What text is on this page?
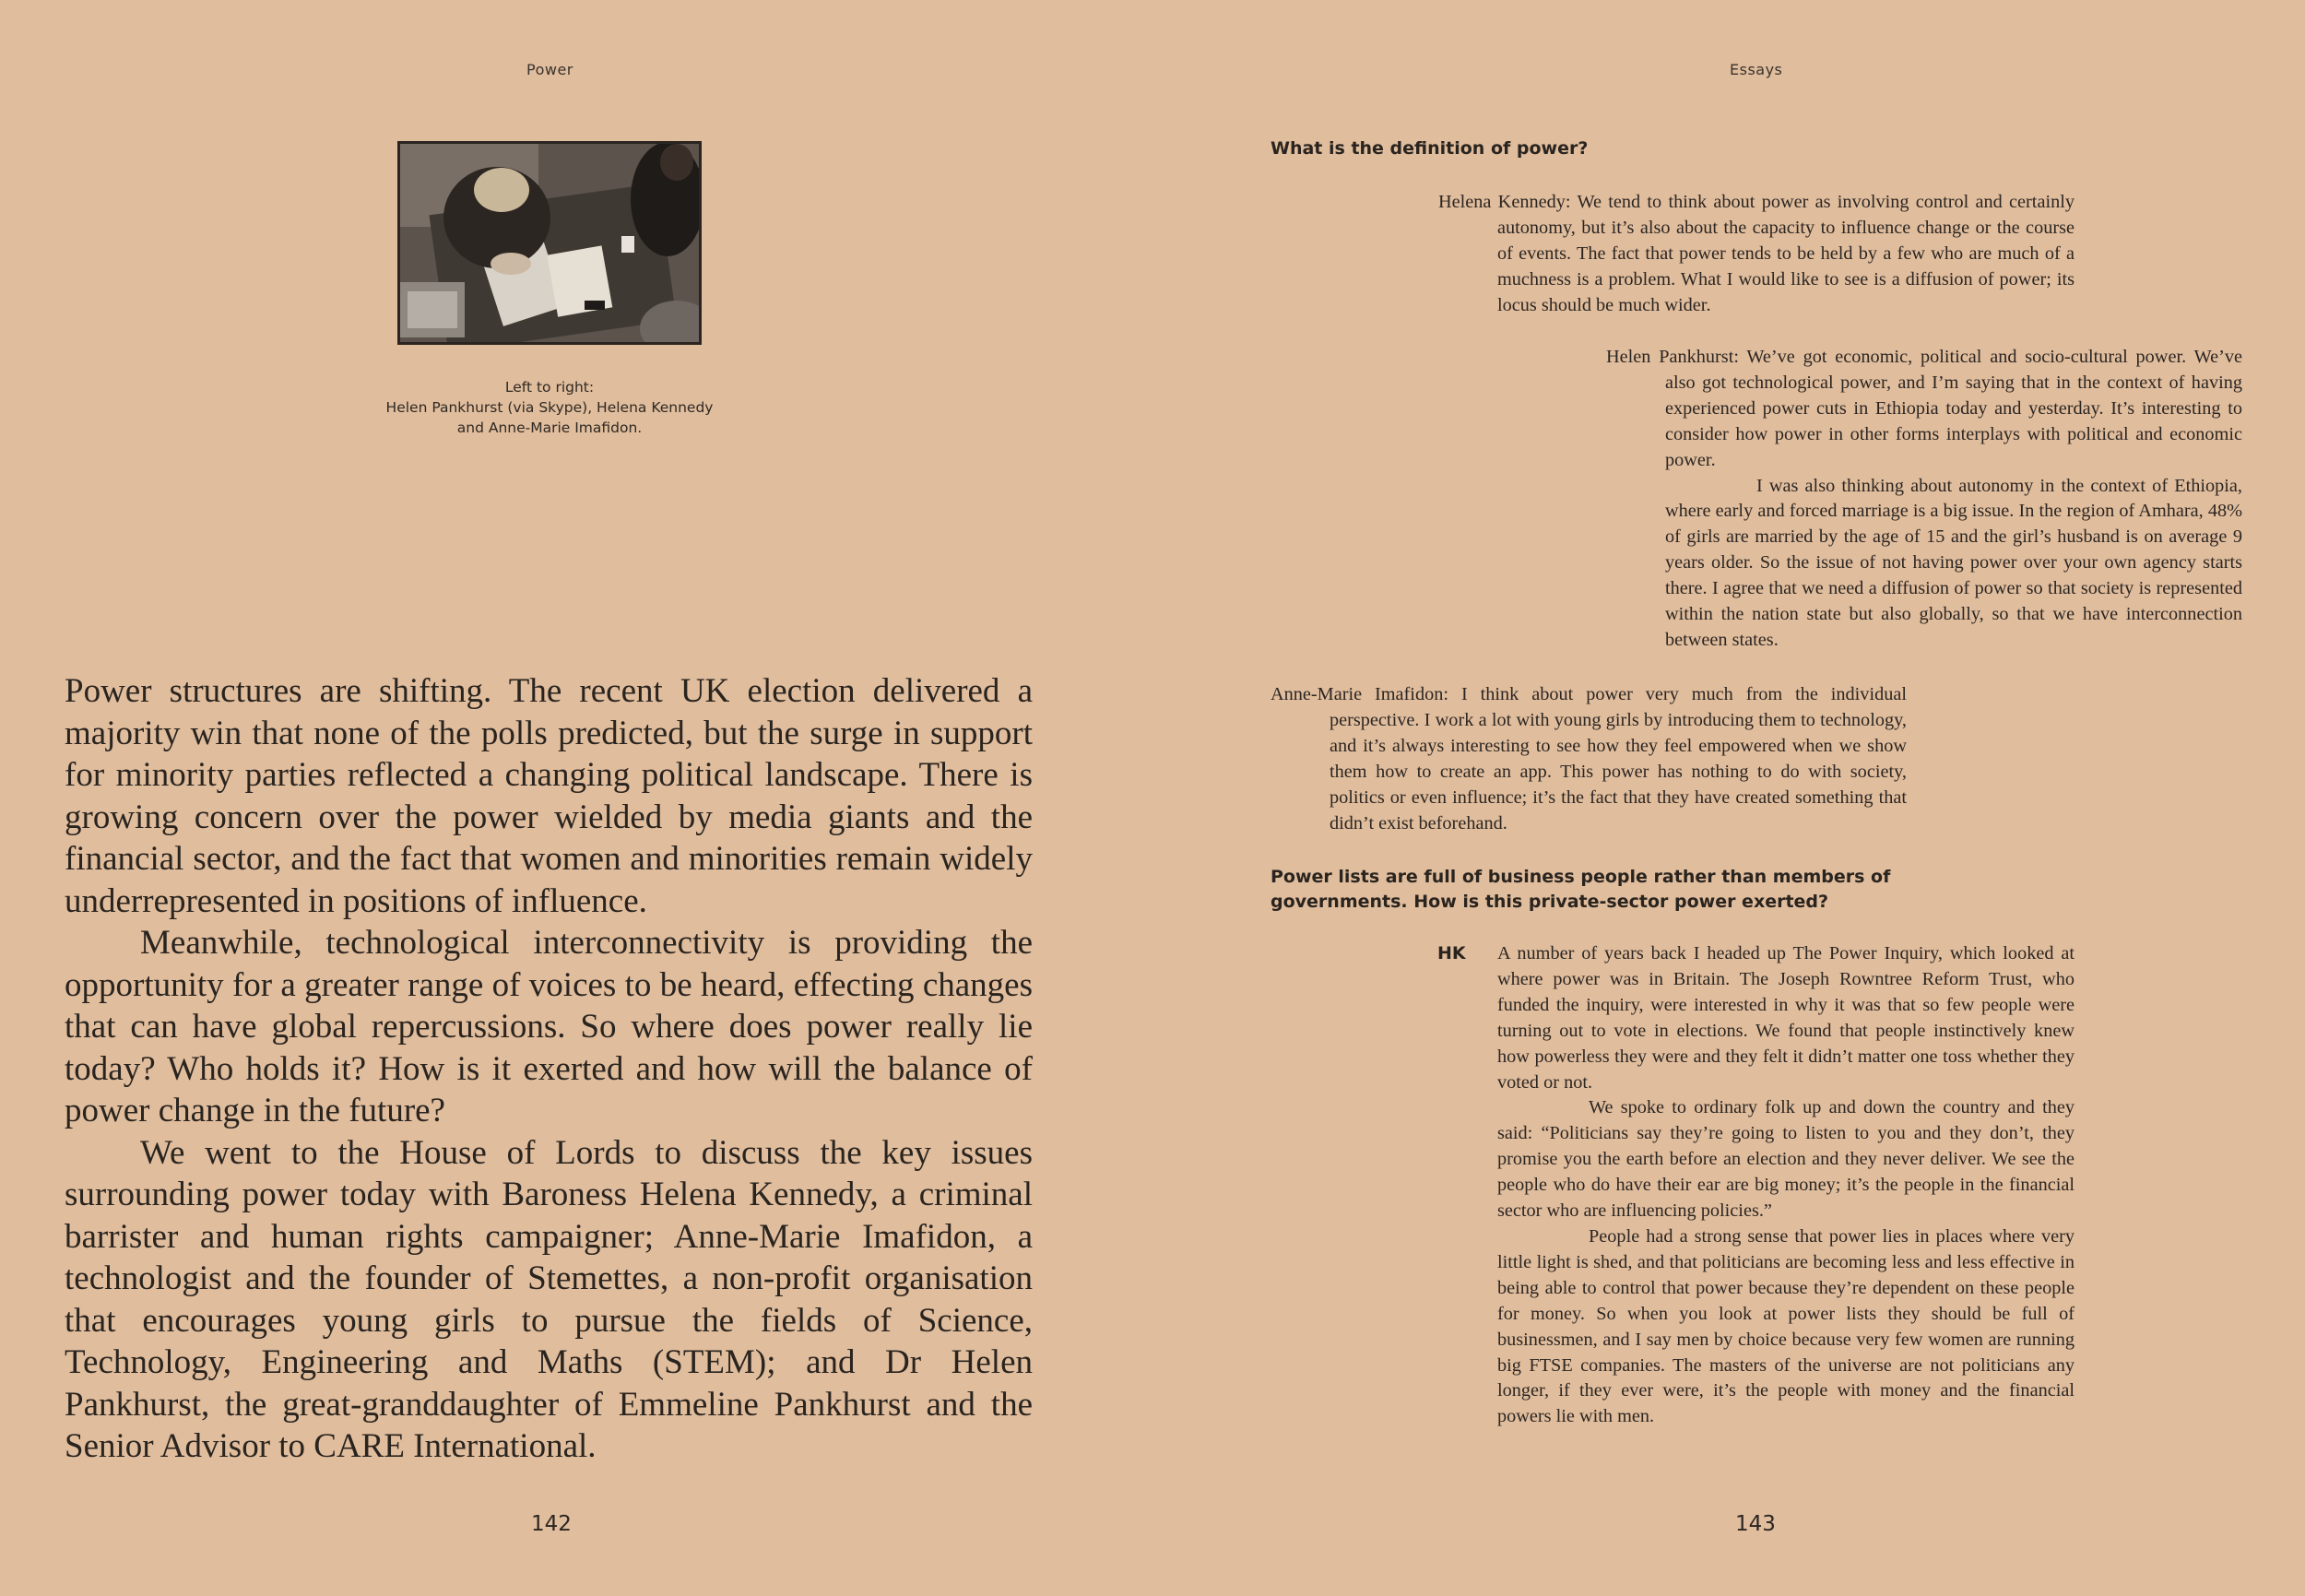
Power
Left to right:
Helen Pankhurst (via Skype), Helena Kennedy
and Anne-Marie Imafidon.

Power structures are shifting. The recent UK election delivered a majority win that none of the polls predicted, but the surge in support for minority parties reflected a changing political landscape. There is growing concern over the power wielded by media giants and the financial sector, and the fact that women and minorities remain widely underrepresented in positions of influence.

Meanwhile, technological interconnectivity is providing the opportunity for a greater range of voices to be heard, effecting changes that can have global repercussions. So where does power really lie today? Who holds it? How is it exerted and how will the balance of power change in the future?

We went to the House of Lords to discuss the key issues surrounding power today with Baroness Helena Kennedy, a criminal barrister and human rights campaigner; Anne-Marie Imafidon, a technologist and the founder of Stemettes, a non-profit organisation that encourages young girls to pursue the fields of Science, Technology, Engineering and Maths (STEM); and Dr Helen Pankhurst, the great-granddaughter of Emmeline Pankhurst and the Senior Advisor to CARE International.

142
Essays

What is the definition of power?

Helena Kennedy: We tend to think about power as involving control and certainly autonomy, but it’s also about the capacity to influence change or the course of events. The fact that power tends to be held by a few who are much of a muchness is a problem. What I would like to see is a diffusion of power; its locus should be much wider.

Helen Pankhurst: We’ve got economic, political and socio-cultural power. We’ve also got technological power, and I’m saying that in the context of having experienced power cuts in Ethiopia today and yesterday. It’s interesting to consider how power in other forms interplays with political and economic power.

I was also thinking about autonomy in the context of Ethiopia, where early and forced marriage is a big issue. In the region of Amhara, 48% of girls are married by the age of 15 and the girl’s husband is on average 9 years older. So the issue of not having power over your own agency starts there. I agree that we need a diffusion of power so that society is represented within the nation state but also globally, so that we have interconnection between states.

Anne-Marie Imafidon: I think about power very much from the individual perspective. I work a lot with young girls by introducing them to technology, and it’s always interesting to see how they feel empowered when we show them how to create an app. This power has nothing to do with society, politics or even influence; it’s the fact that they have created something that didn’t exist beforehand.

Power lists are full of business people rather than members of

governments. How is this private-sector power exerted?

HK A number of years back I headed up The Power Inquiry, which looked at where power was in Britain. The Joseph Rowntree Reform Trust, who funded the inquiry, were interested in why it was that so few people were turning out to vote in elections. We found that people instinctively knew how powerless they were and they felt it didn’t matter one toss whether they voted or not.

We spoke to ordinary folk up and down the country and they said: “Politicians say they’re going to listen to you and they don’t, they promise you the earth before an election and they never deliver. We see the people who do have their ear are big money; it’s the people in the financial sector who are influencing policies.”

People had a strong sense that power lies in places where very little light is shed, and that politicians are becoming less and less effective in being able to control that power because they’re dependent on these people for money. So when you look at power lists they should be full of businessmen, and I say men by choice because very few women are running big FTSE companies. The masters of the universe are not politicians any longer, if they ever were, it’s the people with money and the financial powers lie with men.

143
